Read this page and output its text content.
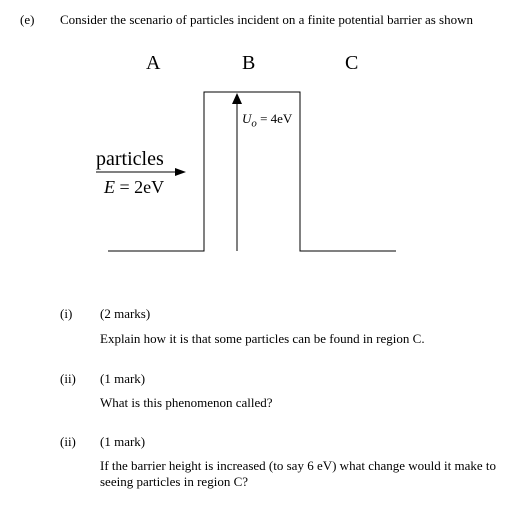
(e) Consider the scenario of particles incident on a finite potential barrier as shown
A	B	C
particles
E = 2eV
$U_o = 4eV$
(i) (2 marks)
Explain how it is that some particles can be found in region C.
(ii) (1 mark)
What is this phenomenon called?
(ii) (1 mark)
If the barrier height is increased (to say 6 eV) what change would it make to seeing particles in region C?
